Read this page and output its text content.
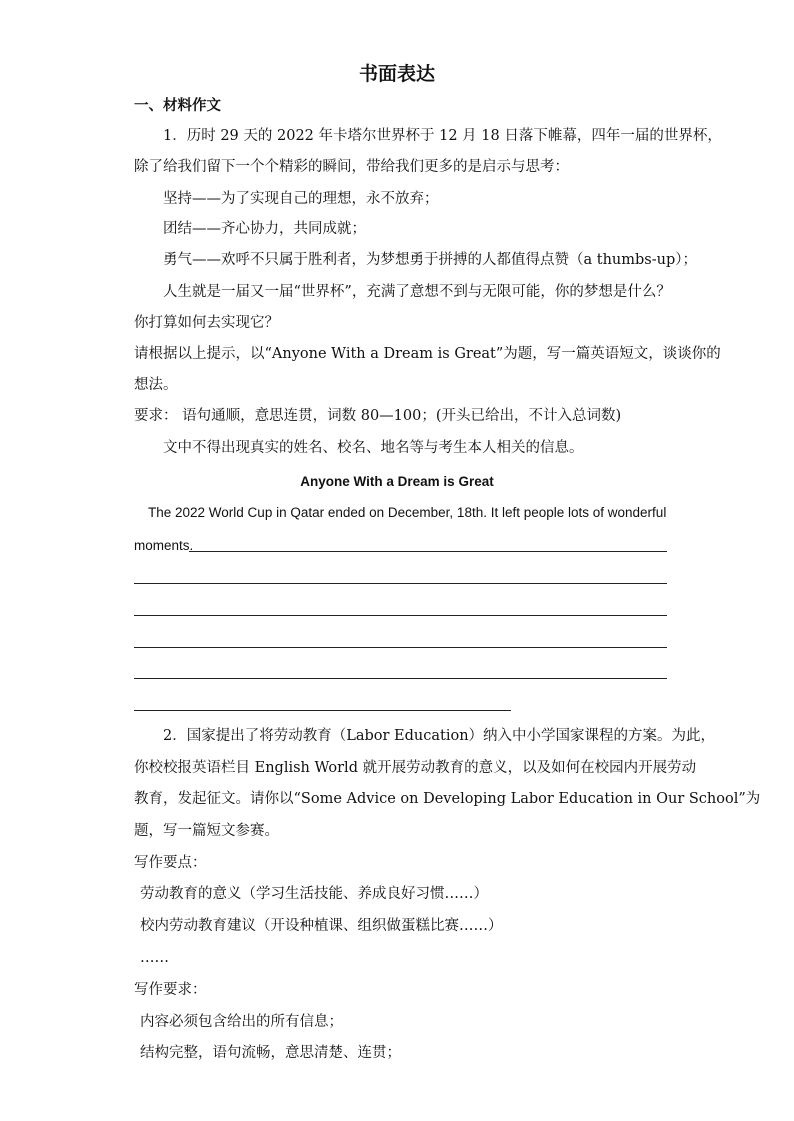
书面表达
一、材料作文
1．历时 29 天的 2022 年卡塔尔世界杯于 12 月 18 日落下帷幕，四年一届的世界杯，
除了给我们留下一个个精彩的瞬间，带给我们更多的是启示与思考：
坚持——为了实现自己的理想，永不放弃；
团结——齐心协力，共同成就；
勇气——欢呼不只属于胜利者，为梦想勇于拼搏的人都值得点赞（a thumbs-up）；
人生就是一届又一届“世界杯”，充满了意想不到与无限可能，你的梦想是什么？
你打算如何去实现它？
请根据以上提示，以“Anyone With a Dream is Great”为题，写一篇英语短文，谈谈你的
想法。
要求： 语句通顺，意思连贯，词数 80—100；(开头已给出，不计入总词数)
文中不得出现真实的姓名、校名、地名等与考生本人相关的信息。
Anyone With a Dream is Great
The 2022 World Cup in Qatar ended on December, 18th. It left people lots of wonderful
moments.
2．国家提出了将劳动教育（Labor Education）纳入中小学国家课程的方案。为此，
你校校报英语栏目 English World 就开展劳动教育的意义，以及如何在校园内开展劳动
教育，发起征文。请你以“Some Advice on Developing Labor Education in Our School”为
题，写一篇短文参赛。
写作要点：
劳动教育的意义（学习生活技能、养成良好习惯……）
校内劳动教育建议（开设种植课、组织做蛋糕比赛……）
……
写作要求：
内容必须包含给出的所有信息；
结构完整，语句流畅，意思清楚、连贯；
